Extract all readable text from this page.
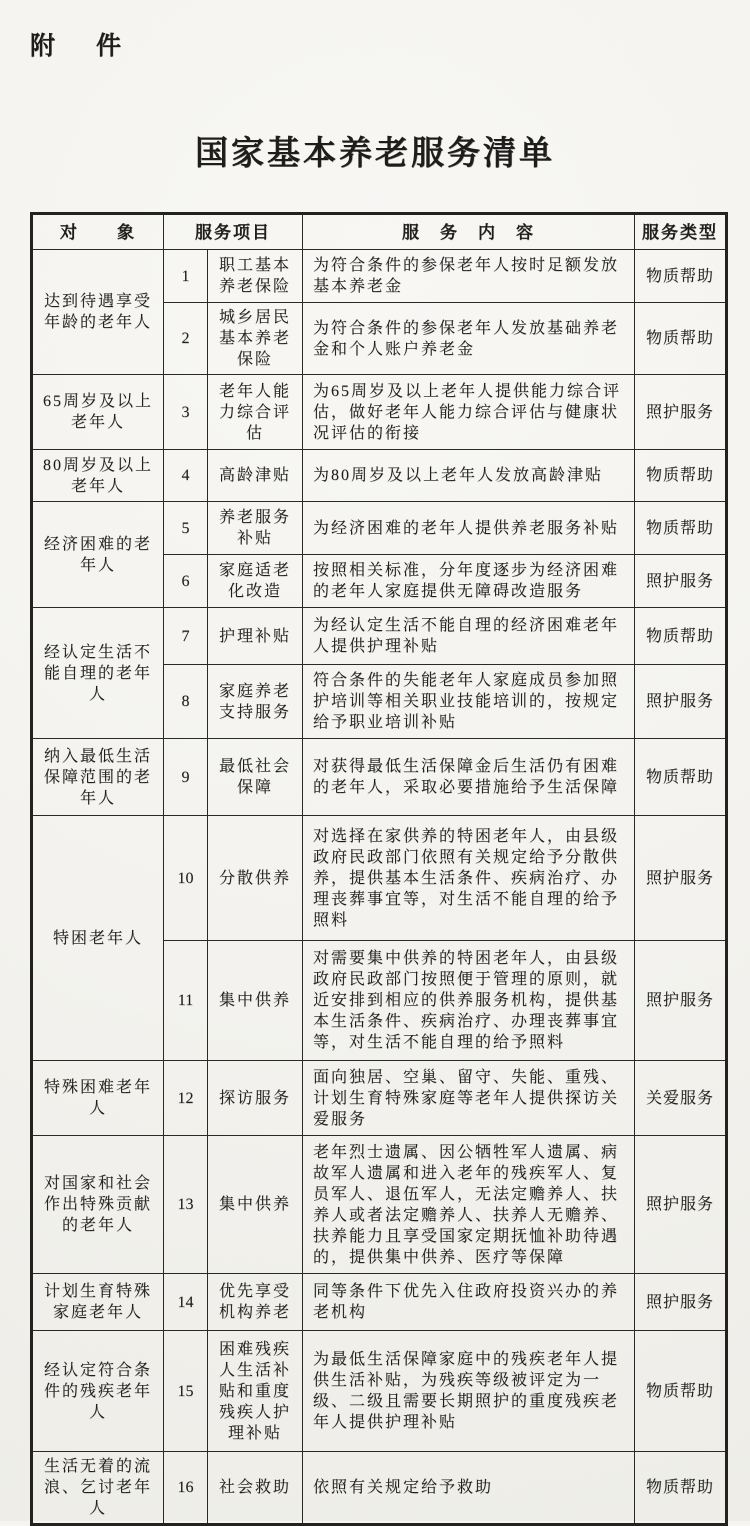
附　件
国家基本养老服务清单
对　　象	服务项目		服　务　内　容	服务类型
达到待遇享受年龄的老年人	1	职工基本养老保险	为符合条件的参保老年人按时足额发放基本养老金	物质帮助
	2	城乡居民基本养老保险	为符合条件的参保老年人发放基础养老金和个人账户养老金	物质帮助
65周岁及以上老年人	3	老年人能力综合评估	为65周岁及以上老年人提供能力综合评估，做好老年人能力综合评估与健康状况评估的衔接	照护服务
80周岁及以上老年人	4	高龄津贴	为80周岁及以上老年人发放高龄津贴	物质帮助
经济困难的老年人	5	养老服务补贴	为经济困难的老年人提供养老服务补贴	物质帮助
	6	家庭适老化改造	按照相关标准，分年度逐步为经济困难的老年人家庭提供无障碍改造服务	照护服务
经认定生活不能自理的老年人	7	护理补贴	为经认定生活不能自理的经济困难老年人提供护理补贴	物质帮助
	8	家庭养老支持服务	符合条件的失能老年人家庭成员参加照护培训等相关职业技能培训的，按规定给予职业培训补贴	照护服务
纳入最低生活保障范围的老年人	9	最低社会保障	对获得最低生活保障金后生活仍有困难的老年人，采取必要措施给予生活保障	物质帮助
特困老年人	10	分散供养	对选择在家供养的特困老年人，由县级政府民政部门依照有关规定给予分散供养，提供基本生活条件、疾病治疗、办理丧葬事宜等，对生活不能自理的给予照料	照护服务
	11	集中供养	对需要集中供养的特困老年人，由县级政府民政部门按照便于管理的原则，就近安排到相应的供养服务机构，提供基本生活条件、疾病治疗、办理丧葬事宜等，对生活不能自理的给予照料	照护服务
特殊困难老年人	12	探访服务	面向独居、空巢、留守、失能、重残、计划生育特殊家庭等老年人提供探访关爱服务	关爱服务
对国家和社会作出特殊贡献的老年人	13	集中供养	老年烈士遗属、因公牺牲军人遗属、病故军人遗属和进入老年的残疾军人、复员军人、退伍军人，无法定赡养人、扶养人或者法定赡养人、扶养人无赡养、扶养能力且享受国家定期抚恤补助待遇的，提供集中供养、医疗等保障	照护服务
计划生育特殊家庭老年人	14	优先享受机构养老	同等条件下优先入住政府投资兴办的养老机构	照护服务
经认定符合条件的残疾老年人	15	困难残疾人生活补贴和重度残疾人护理补贴	为最低生活保障家庭中的残疾老年人提供生活补贴，为残疾等级被评定为一级、二级且需要长期照护的重度残疾老年人提供护理补贴	物质帮助
生活无着的流浪、乞讨老年人	16	社会救助	依照有关规定给予救助	物质帮助
